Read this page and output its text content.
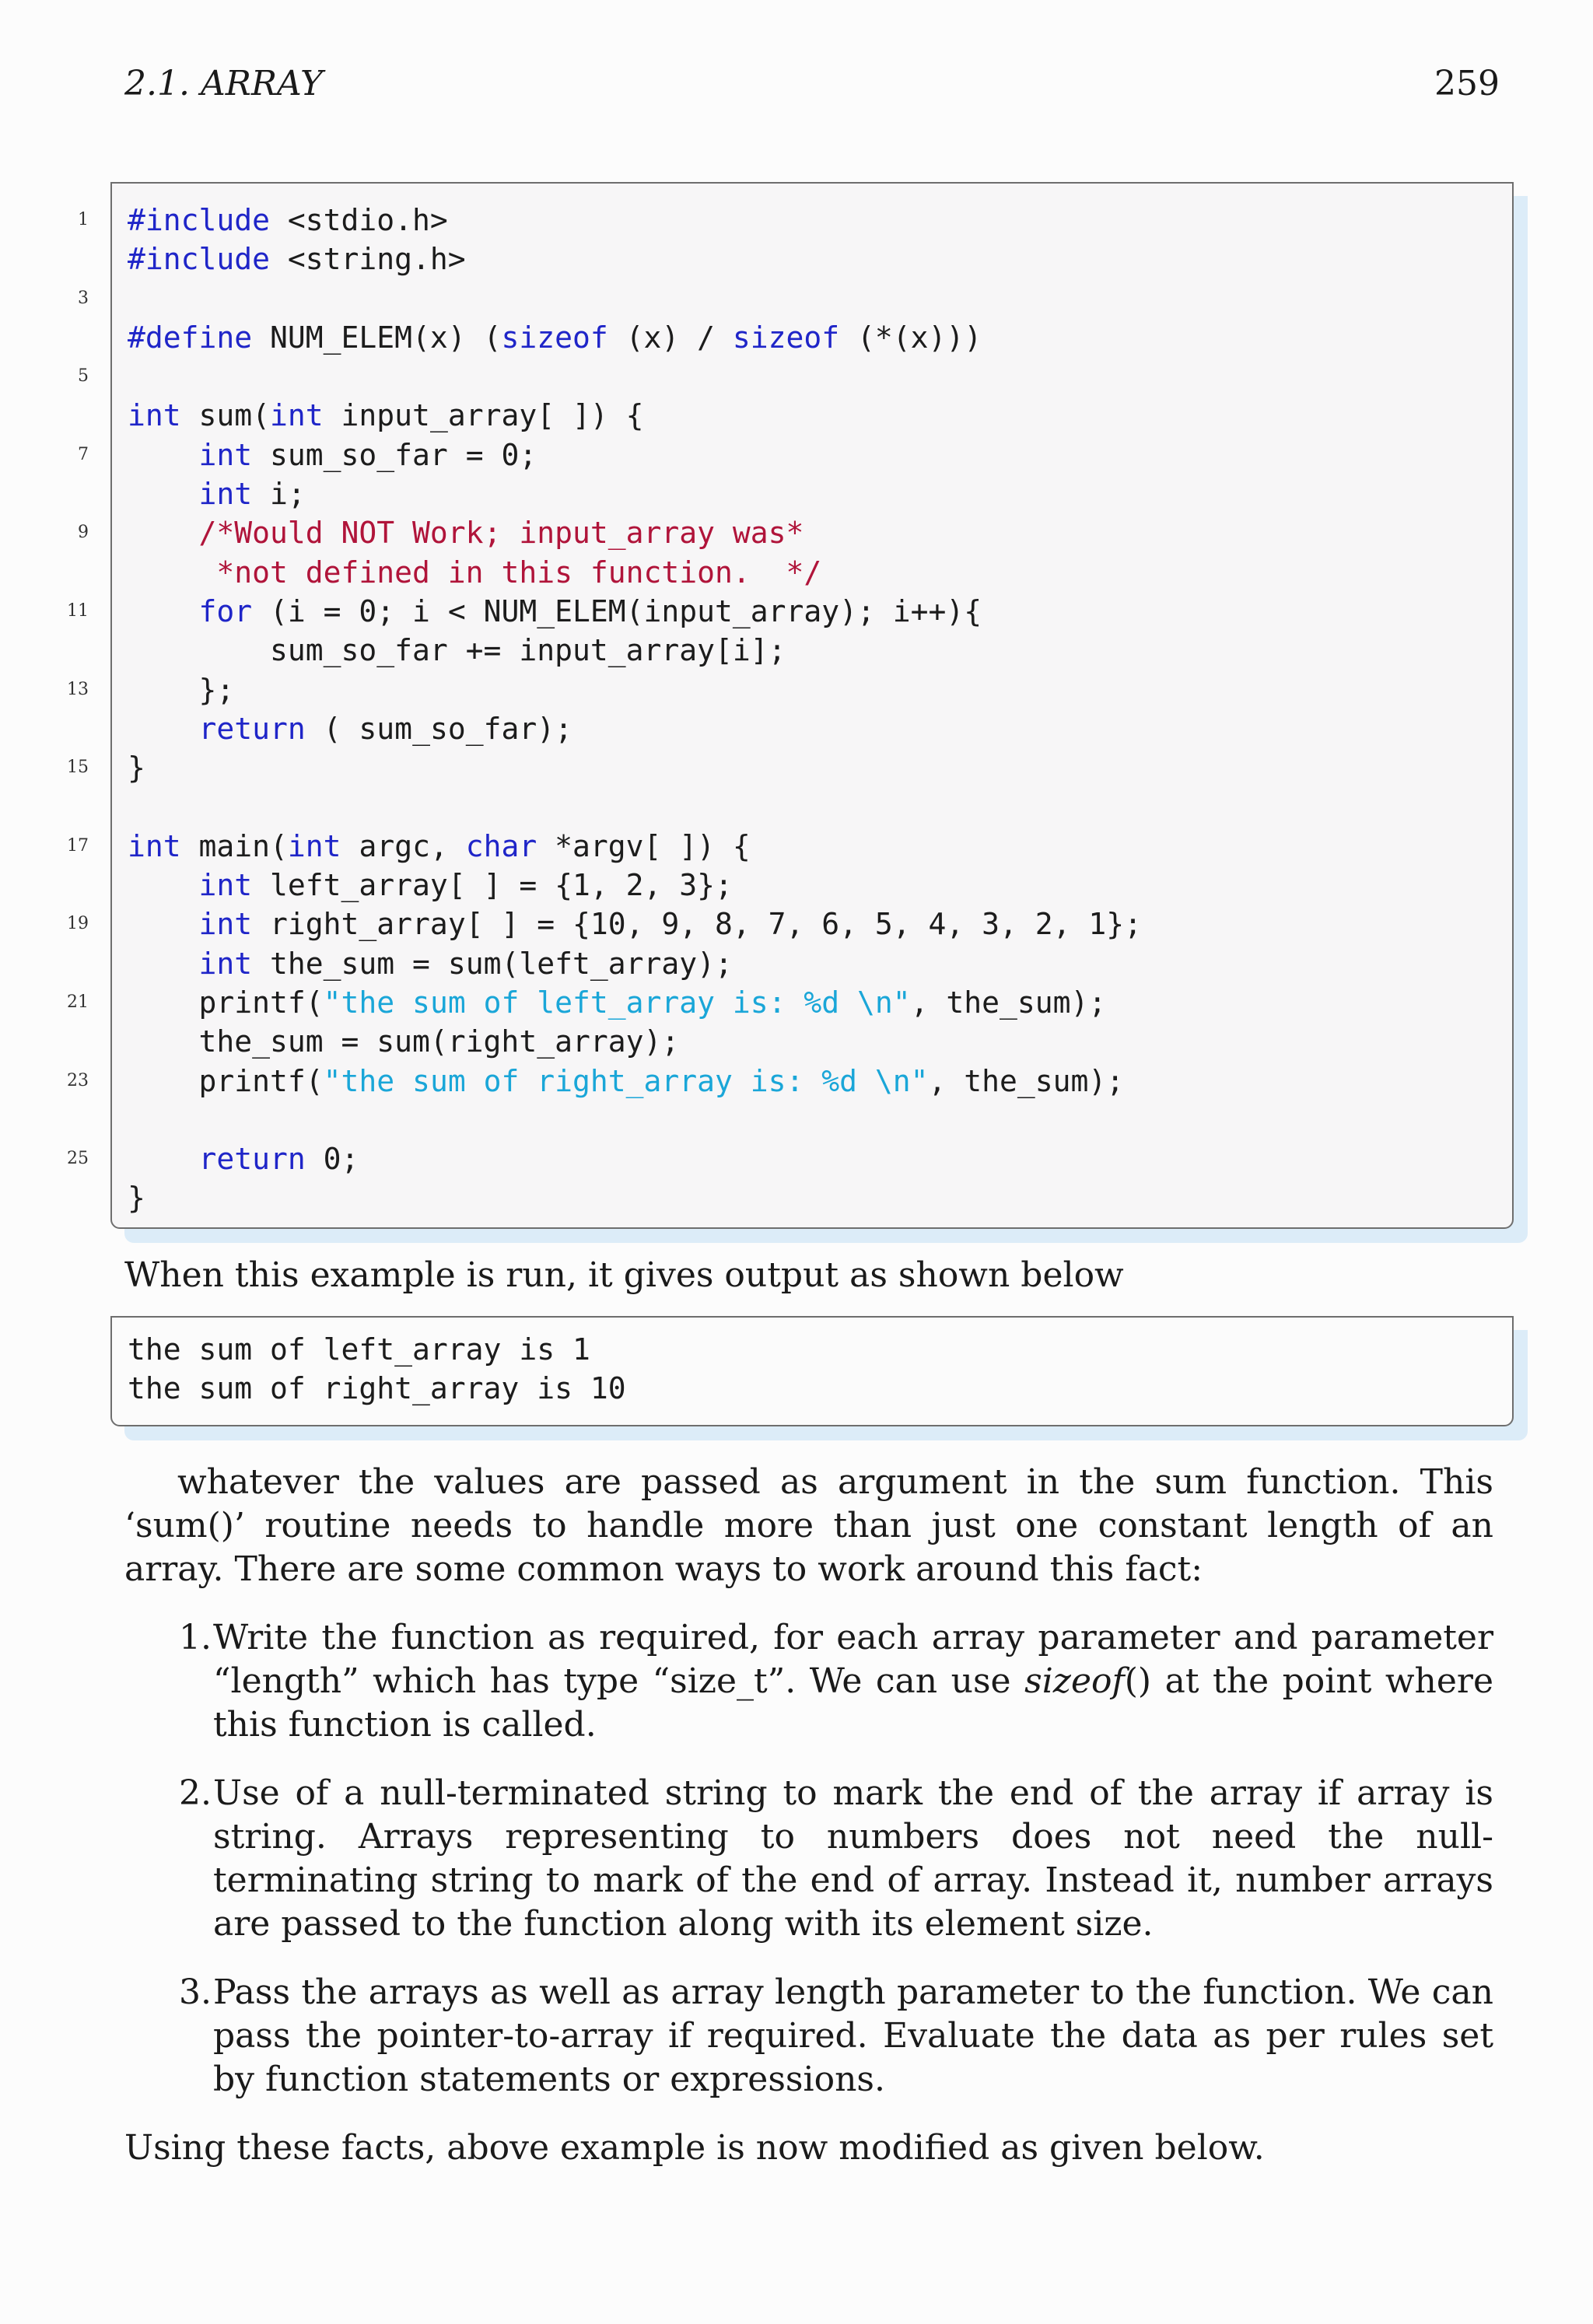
2.1. ARRAY	259
1 #include <stdio.h>
#include <string.h>
3

#define NUM_ELEM(x) (sizeof (x) / sizeof (*(x)))
5

int sum(int input_array[ ]) {
7	int sum_so_far = 0;
int i;
9	/*Would NOT Work; input_array was*
*not defined in this function.  */
11	for (i = 0; i < NUM_ELEM(input_array); i++){
sum_so_far += input_array[i];
13 };
return ( sum_so_far);
15 }

17 int main(int argc, char *argv[ ]) {
int left_array[ ] = {1, 2, 3};
19	int right_array[ ] = {10, 9, 8, 7, 6, 5, 4, 3, 2, 1};
int the_sum = sum(left_array);
21 printf("the sum of left_array is: %d \n", the_sum);
the_sum = sum(right_array);
23 printf("the sum of right_array is: %d \n", the_sum);

25	return 0;
}
When this example is run, it gives output as shown below
the sum of left_array is 1
the sum of right_array is 10
whatever the values are passed as argument in the sum function. This ‘sum()’ routine needs to handle more than just one constant length of an array. There are some common ways to work around this fact:
1. Write the function as required, for each array parameter and parameter “length” which has type “size_t”. We can use sizeof() at the point where this function is called.
2. Use of a null-terminated string to mark the end of the array if array is string. Arrays representing to numbers does not need the null-terminating string to mark of the end of array. Instead it, number arrays are passed to the function along with its element size.
3. Pass the arrays as well as array length parameter to the function. We can pass the pointer-to-array if required. Evaluate the data as per rules set by function statements or expressions.
Using these facts, above example is now modified as given below.
